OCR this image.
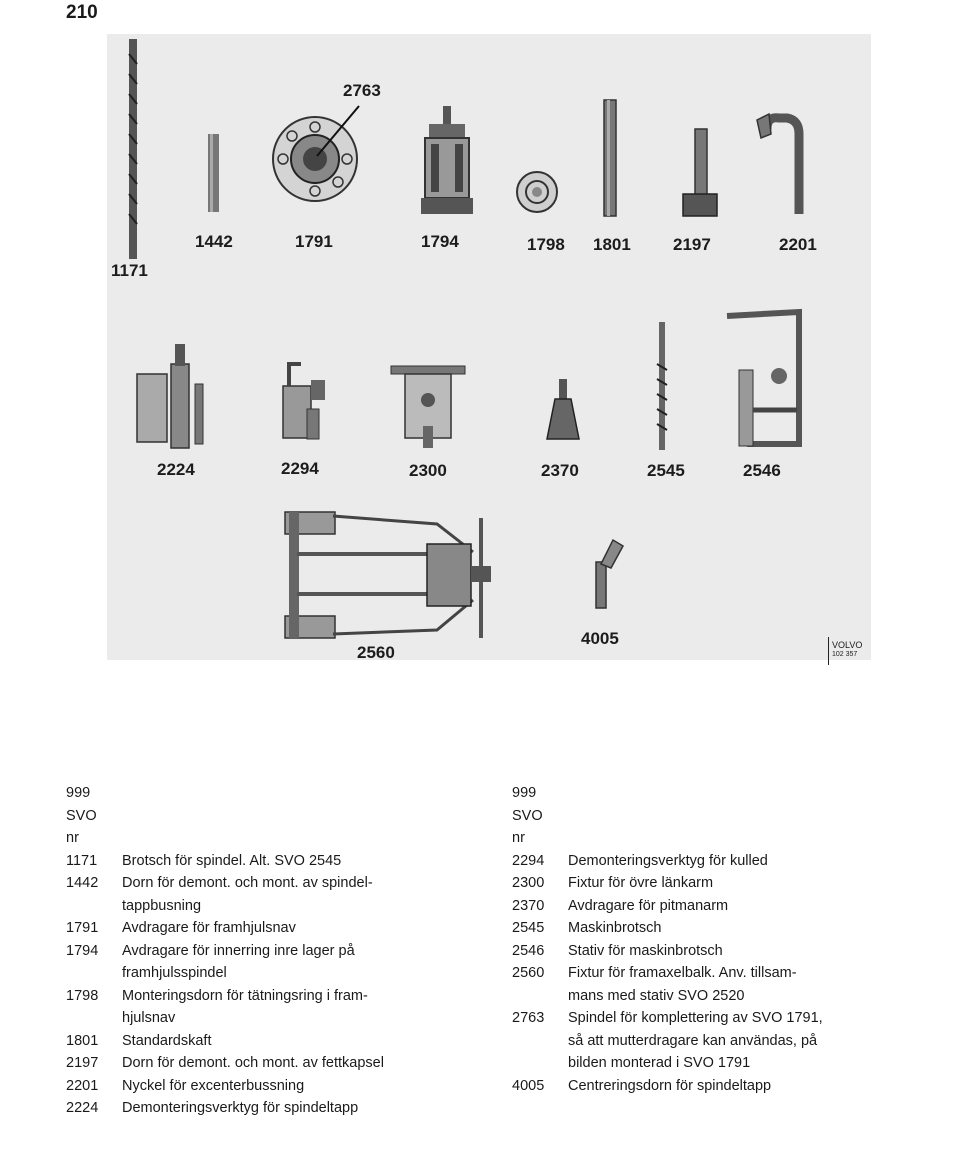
210
2763
1171
1442	1791	1794	1798 1801 2197	2201
2224	2294	2300	2370	2545	2546
2560
4005	VOLVO
102 357
999
SVO
nr
1171	Brotsch för spindel. Alt. SVO 2545
1442	Dorn för demont. och mont. av spindel-
tappbusning
1791	Avdragare för framhjulsnav
1794	Avdragare för innerring inre lager på
framhjulsspindel
1798	Monteringsdorn för tätningsring i fram-
hjulsnav
1801	Standardskaft
2197	Dorn för demont. och mont. av fettkapsel
2201	Nyckel för excenterbussning
2224	Demonteringsverktyg för spindeltapp
999
SVO
nr
2294	Demonteringsverktyg för kulled
2300	Fixtur för övre länkarm
2370	Avdragare för pitmanarm
2545	Maskinbrotsch
2546	Stativ för maskinbrotsch
2560	Fixtur för framaxelbalk. Anv. tillsam-
mans med stativ SVO 2520
2763	Spindel för komplettering av SVO 1791,
så att mutterdragare kan användas, på
bilden monterad i SVO 1791
4005	Centreringsdorn för spindeltapp
